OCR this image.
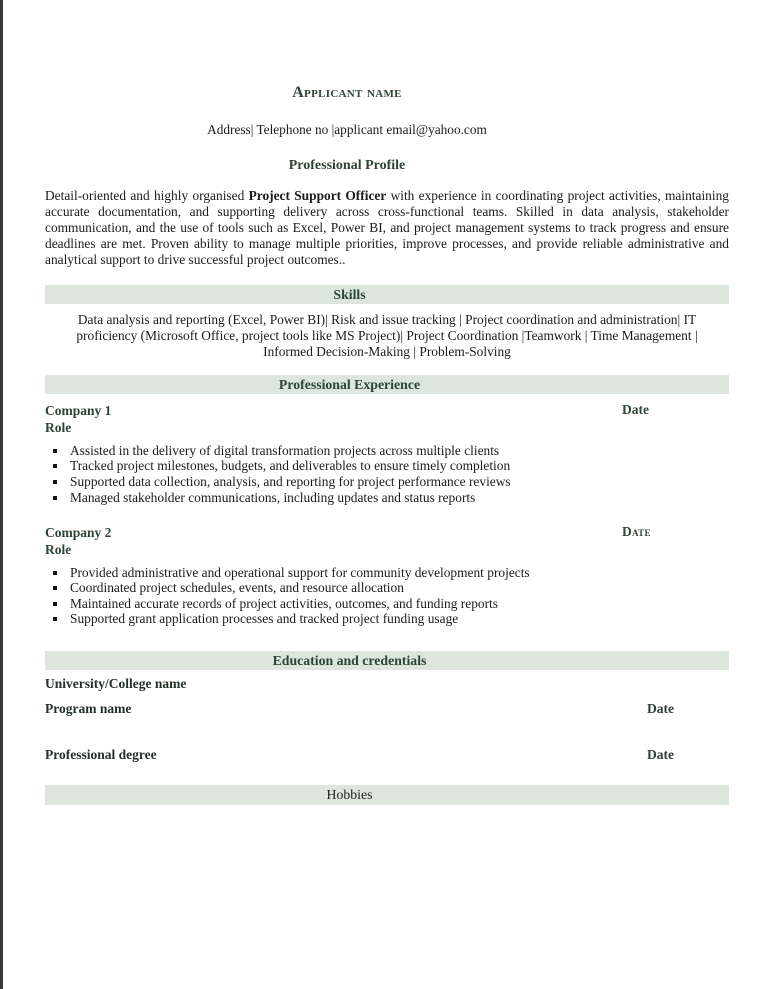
Applicant name

Address| Telephone no |applicant email@yahoo.com

Professional Profile

Detail-oriented and highly organised Project Support Officer with experience in coordinating project activities, maintaining accurate documentation, and supporting delivery across cross-functional teams. Skilled in data analysis, stakeholder communication, and the use of tools such as Excel, Power BI, and project management systems to track progress and ensure deadlines are met. Proven ability to manage multiple priorities, improve processes, and provide reliable administrative and analytical support to drive successful project outcomes..

Skills

Data analysis and reporting (Excel, Power BI)| Risk and issue tracking | Project coordination and administration| IT proficiency (Microsoft Office, project tools like MS Project)| Project Coordination |Teamwork | Time Management | Informed Decision-Making | Problem-Solving

Professional Experience
Company 1	Date
Role
Assisted in the delivery of digital transformation projects across multiple clients
Tracked project milestones, budgets, and deliverables to ensure timely completion
Supported data collection, analysis, and reporting for project performance reviews
Managed stakeholder communications, including updates and status reports
Company 2	Date
Role
Provided administrative and operational support for community development projects
Coordinated project schedules, events, and resource allocation
Maintained accurate records of project activities, outcomes, and funding reports
Supported grant application processes and tracked project funding usage
Education and credentials
University/College name
Program name	Date
Professional degree	Date
Hobbies
